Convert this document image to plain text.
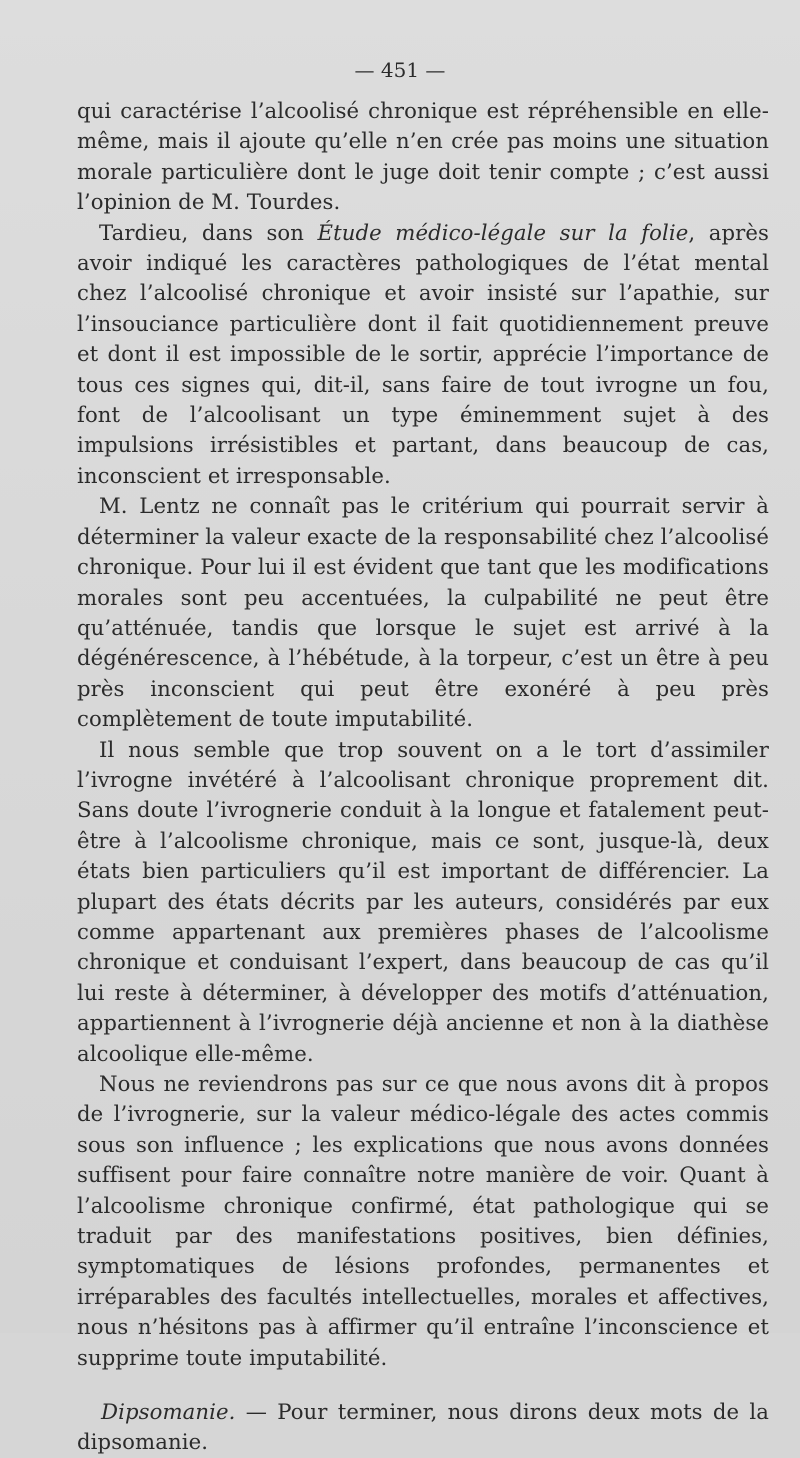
— 451 —

qui caractérise l’alcoolisé chronique est répréhensible en elle-même, mais il ajoute qu’elle n’en crée pas moins une situation morale particulière dont le juge doit tenir compte ; c’est aussi l’opinion de M. Tourdes.

Tardieu, dans son Étude médico-légale sur la folie, après avoir indiqué les caractères pathologiques de l’état mental chez l’alcoolisé chronique et avoir insisté sur l’apathie, sur l’insouciance particulière dont il fait quotidiennement preuve et dont il est impossible de le sortir, apprécie l’importance de tous ces signes qui, dit-il, sans faire de tout ivrogne un fou, font de l’alcoolisant un type éminemment sujet à des impulsions irrésistibles et partant, dans beaucoup de cas, inconscient et irresponsable.

M. Lentz ne connaît pas le critérium qui pourrait servir à déterminer la valeur exacte de la responsabilité chez l’alcoolisé chronique. Pour lui il est évident que tant que les modifications morales sont peu accentuées, la culpabilité ne peut être qu’atténuée, tandis que lorsque le sujet est arrivé à la dégénérescence, à l’hébétude, à la torpeur, c’est un être à peu près inconscient qui peut être exonéré à peu près complètement de toute imputabilité.

Il nous semble que trop souvent on a le tort d’assimiler l’ivrogne invétéré à l’alcoolisant chronique proprement dit. Sans doute l’ivrognerie conduit à la longue et fatalement peut-être à l’alcoolisme chronique, mais ce sont, jusque-là, deux états bien particuliers qu’il est important de différencier. La plupart des états décrits par les auteurs, considérés par eux comme appartenant aux premières phases de l’alcoolisme chronique et conduisant l’expert, dans beaucoup de cas qu’il lui reste à déterminer, à développer des motifs d’atténuation, appartiennent à l’ivrognerie déjà ancienne et non à la diathèse alcoolique elle-même.

Nous ne reviendrons pas sur ce que nous avons dit à propos de l’ivrognerie, sur la valeur médico-légale des actes commis sous son influence ; les explications que nous avons données suffisent pour faire connaître notre manière de voir. Quant à l’alcoolisme chronique confirmé, état pathologique qui se traduit par des manifestations positives, bien définies, symptomatiques de lésions profondes, permanentes et irréparables des facultés intellectuelles, morales et affectives, nous n’hésitons pas à affirmer qu’il entraîne l’inconscience et supprime toute imputabilité.

Dipsomanie. — Pour terminer, nous dirons deux mots de la dipsomanie.
